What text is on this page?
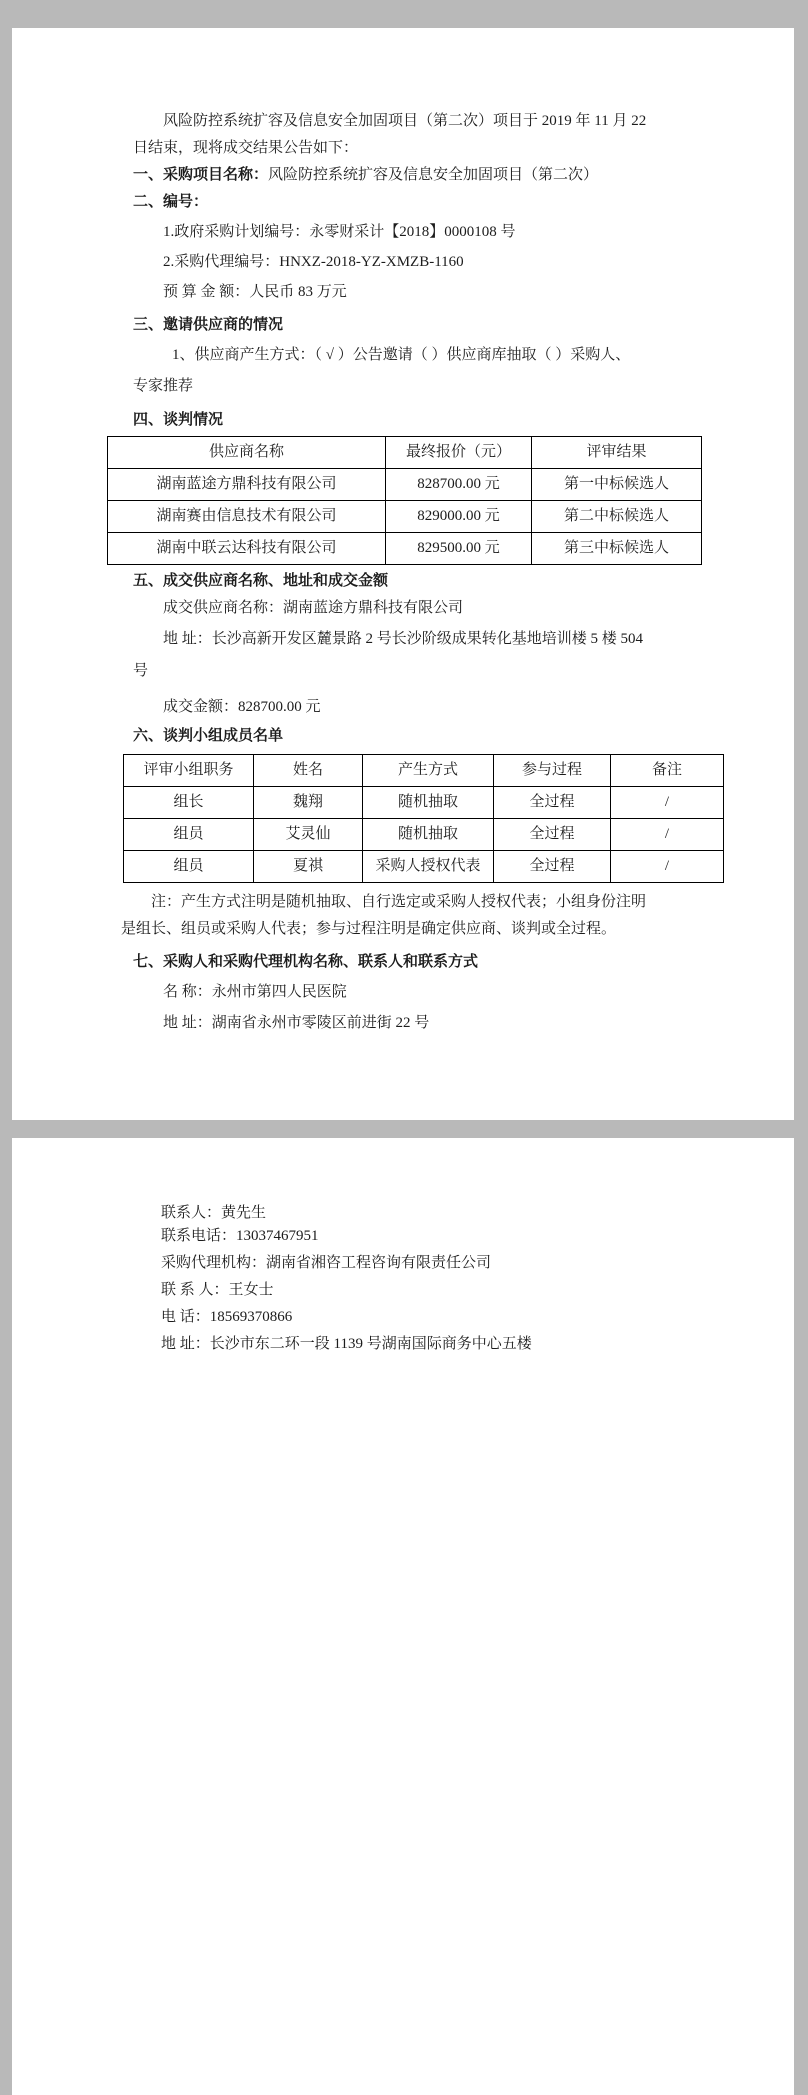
风险防控系统扩容及信息安全加固项目（第二次）项目于 2019 年 11 月 22
日结束，现将成交结果公告如下：
一、采购项目名称：风险防控系统扩容及信息安全加固项目（第二次）
二、编号：
1.政府采购计划编号：永零财采计【2018】0000108 号
2.采购代理编号：HNXZ-2018-YZ-XMZB-1160
预 算 金 额：人民币 83 万元
三、邀请供应商的情况
1、供应商产生方式：（ √ ）公告邀请（ ）供应商库抽取（ ）采购人、
专家推荐
四、谈判情况
供应商名称	最终报价（元）	评审结果
湖南蓝途方鼎科技有限公司	828700.00 元	第一中标候选人
湖南赛由信息技术有限公司	829000.00 元	第二中标候选人
湖南中联云达科技有限公司	829500.00 元	第三中标候选人
五、成交供应商名称、地址和成交金额
成交供应商名称：湖南蓝途方鼎科技有限公司
地 址：长沙高新开发区麓景路 2 号长沙阶级成果转化基地培训楼 5 楼 504
号
成交金额：828700.00 元
六、谈判小组成员名单
评审小组职务	姓名	产生方式	参与过程	备注
组长	魏翔	随机抽取	全过程	/
组员	艾灵仙	随机抽取	全过程	/
组员	夏祺	采购人授权代表	全过程	/
注：产生方式注明是随机抽取、自行选定或采购人授权代表；小组身份注明
是组长、组员或采购人代表；参与过程注明是确定供应商、谈判或全过程。
七、采购人和采购代理机构名称、联系人和联系方式
名 称：永州市第四人民医院
地 址：湖南省永州市零陵区前进街 22 号
联系人：黄先生
联系电话：13037467951
采购代理机构：湖南省湘咨工程咨询有限责任公司
联 系 人：王女士
电 话：18569370866
地 址：长沙市东二环一段 1139 号湖南国际商务中心五楼
